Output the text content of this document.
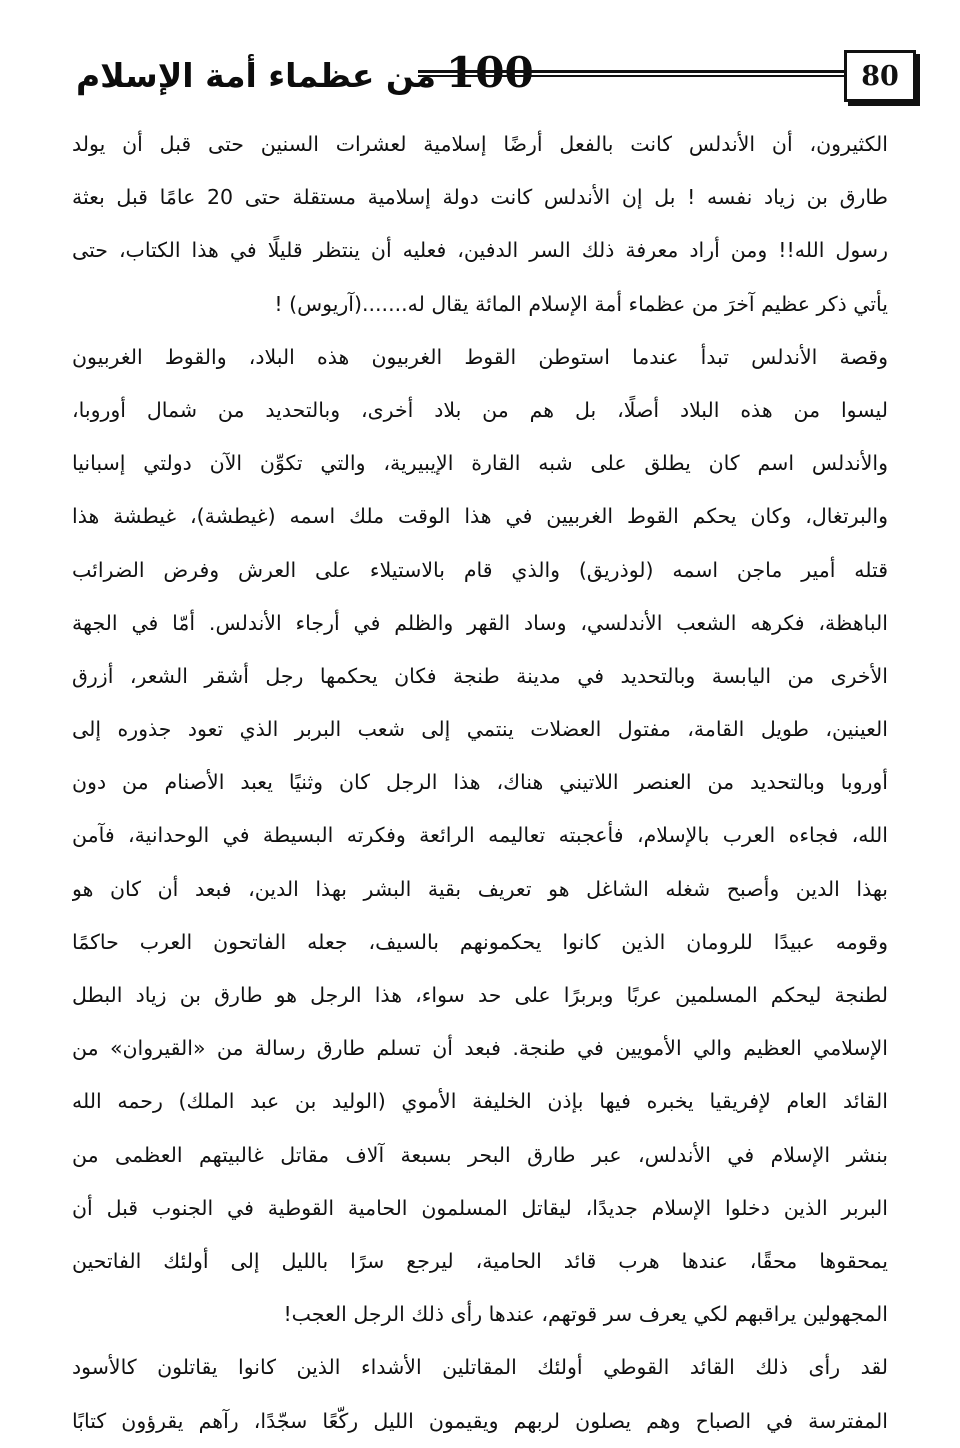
100من عظماء أمة الإسلام	80
الكثيرون، أن الأندلس كانت بالفعل أرضًا إسلامية لعشرات السنين حتى قبل أن يولد
طارق بن زياد نفسه ! بل إن الأندلس كانت دولة إسلامية مستقلة حتى 20 عامًا قبل بعثة
رسول الله!! ومن أراد معرفة ذلك السر الدفين، فعليه أن ينتظر قليلًا في هذا الكتاب، حتى
يأتي ذكر عظيم آخرَ من عظماء أمة الإسلام المائة يقال له.......(آريوس) !
وقصة الأندلس تبدأ عندما استوطن القوط الغربيون هذه البلاد، والقوط الغربيون
ليسوا من هذه البلاد أصلًا، بل هم من بلاد أخرى، وبالتحديد من شمال أوروبا،
والأندلس اسم كان يطلق على شبه القارة الإيبيرية، والتي تكوِّن الآن دولتي إسبانيا
والبرتغال، وكان يحكم القوط الغربيين في هذا الوقت ملك اسمه (غيطشة)، غيطشة هذا
قتله أمير ماجن اسمه (لوذريق) والذي قام بالاستيلاء على العرش وفرض الضرائب
الباهظة، فكرهه الشعب الأندلسي، وساد القهر والظلم في أرجاء الأندلس. أمّا في الجهة
الأخرى من اليابسة وبالتحديد في مدينة طنجة فكان يحكمها رجل أشقر الشعر، أزرق
العينين، طويل القامة، مفتول العضلات ينتمي إلى شعب البربر الذي تعود جذوره إلى
أوروبا وبالتحديد من العنصر اللاتيني هناك، هذا الرجل كان وثنيًا يعبد الأصنام من دون
الله، فجاءه العرب بالإسلام، فأعجبته تعاليمه الرائعة وفكرته البسيطة في الوحدانية، فآمن
بهذا الدين وأصبح شغله الشاغل هو تعريف بقية البشر بهذا الدين، فبعد أن كان هو
وقومه عبيدًا للرومان الذين كانوا يحكمونهم بالسيف، جعله الفاتحون العرب حاكمًا
لطنجة ليحكم المسلمين عربًا وبربرًا على حد سواء، هذا الرجل هو طارق بن زياد البطل
الإسلامي العظيم والي الأمويين في طنجة. فبعد أن تسلم طارق رسالة من «القيروان» من
القائد العام لإفريقيا يخبره فيها بإذن الخليفة الأموي (الوليد بن عبد الملك) رحمه الله
بنشر الإسلام في الأندلس، عبر طارق البحر بسبعة آلاف مقاتل غالبيتهم العظمى من
البربر الذين دخلوا الإسلام جديدًا، ليقاتل المسلمون الحامية القوطية في الجنوب قبل أن
يمحقوها محقًا، عندها هرب قائد الحامية، ليرجع سرًا بالليل إلى أولئك الفاتحين
المجهولين يراقبهم لكي يعرف سر قوتهم، عندها رأى ذلك الرجل العجب!
لقد رأى ذلك القائد القوطي أولئك المقاتلين الأشداء الذين كانوا يقاتلون كالأسود
المفترسة في الصباح وهم يصلون لربهم ويقيمون الليل ركّعًا سجّدًا، رآهم يقرؤون كتابًا
